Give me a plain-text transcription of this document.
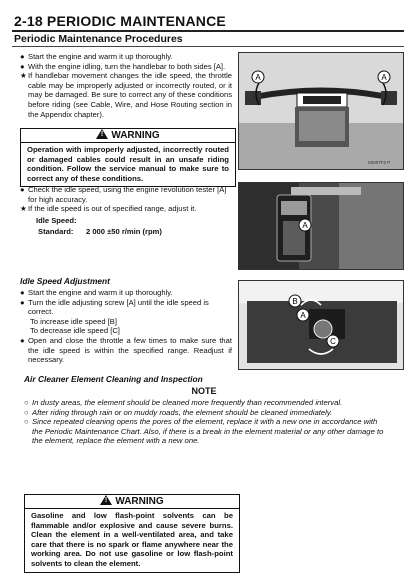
2-18 PERIODIC MAINTENANCE
Periodic Maintenance Procedures
● Start the engine and warm it up thoroughly.
● With the engine idling, turn the handlebar to both sides [A].
★ If handlebar movement changes the idle speed, the throttle cable may be improperly adjusted or incorrectly routed, or it may be damaged. Be sure to correct any of these conditions before riding (see Cable, Wire, and Hose Routing section in the Appendix chapter).
!WARNING
Operation with improperly adjusted, incorrectly routed or damaged cables could result in an unsafe riding condition. Follow the service manual to make sure to correct any of these conditions.
A	A
S0007F2 P
● Check the idle speed, using the engine revolution tester [A] for high accuracy.
★ If the idle speed is out of specified range, adjust it.
Idle Speed:
Standard: 2 000 ±50 r/min (rpm)
A
Idle Speed Adjustment
● Start the engine and warm it up thoroughly.
● Turn the idle adjusting screw [A] until the idle speed is correct.
To increase idle speed [B]
To decrease idle speed [C]
● Open and close the throttle a few times to make sure that the idle speed is within the specified range. Readjust if necessary.
B
A
C
Air Cleaner Element Cleaning and Inspection
NOTE
○ In dusty areas, the element should be cleaned more frequently than recommended interval.
○ After riding through rain or on muddy roads, the element should be cleaned immediately.
○ Since repeated cleaning opens the pores of the element, replace it with a new one in accordance with the Periodic Maintenance Chart. Also, if there is a break in the element material or any other damage to the element, replace the element with a new one.
!WARNING
Gasoline and low flash-point solvents can be flammable and/or explosive and cause severe burns. Clean the element in a well-ventilated area, and take care that there is no spark or flame anywhere near the working area. Do not use gasoline or low flash-point solvents to clean the element.
